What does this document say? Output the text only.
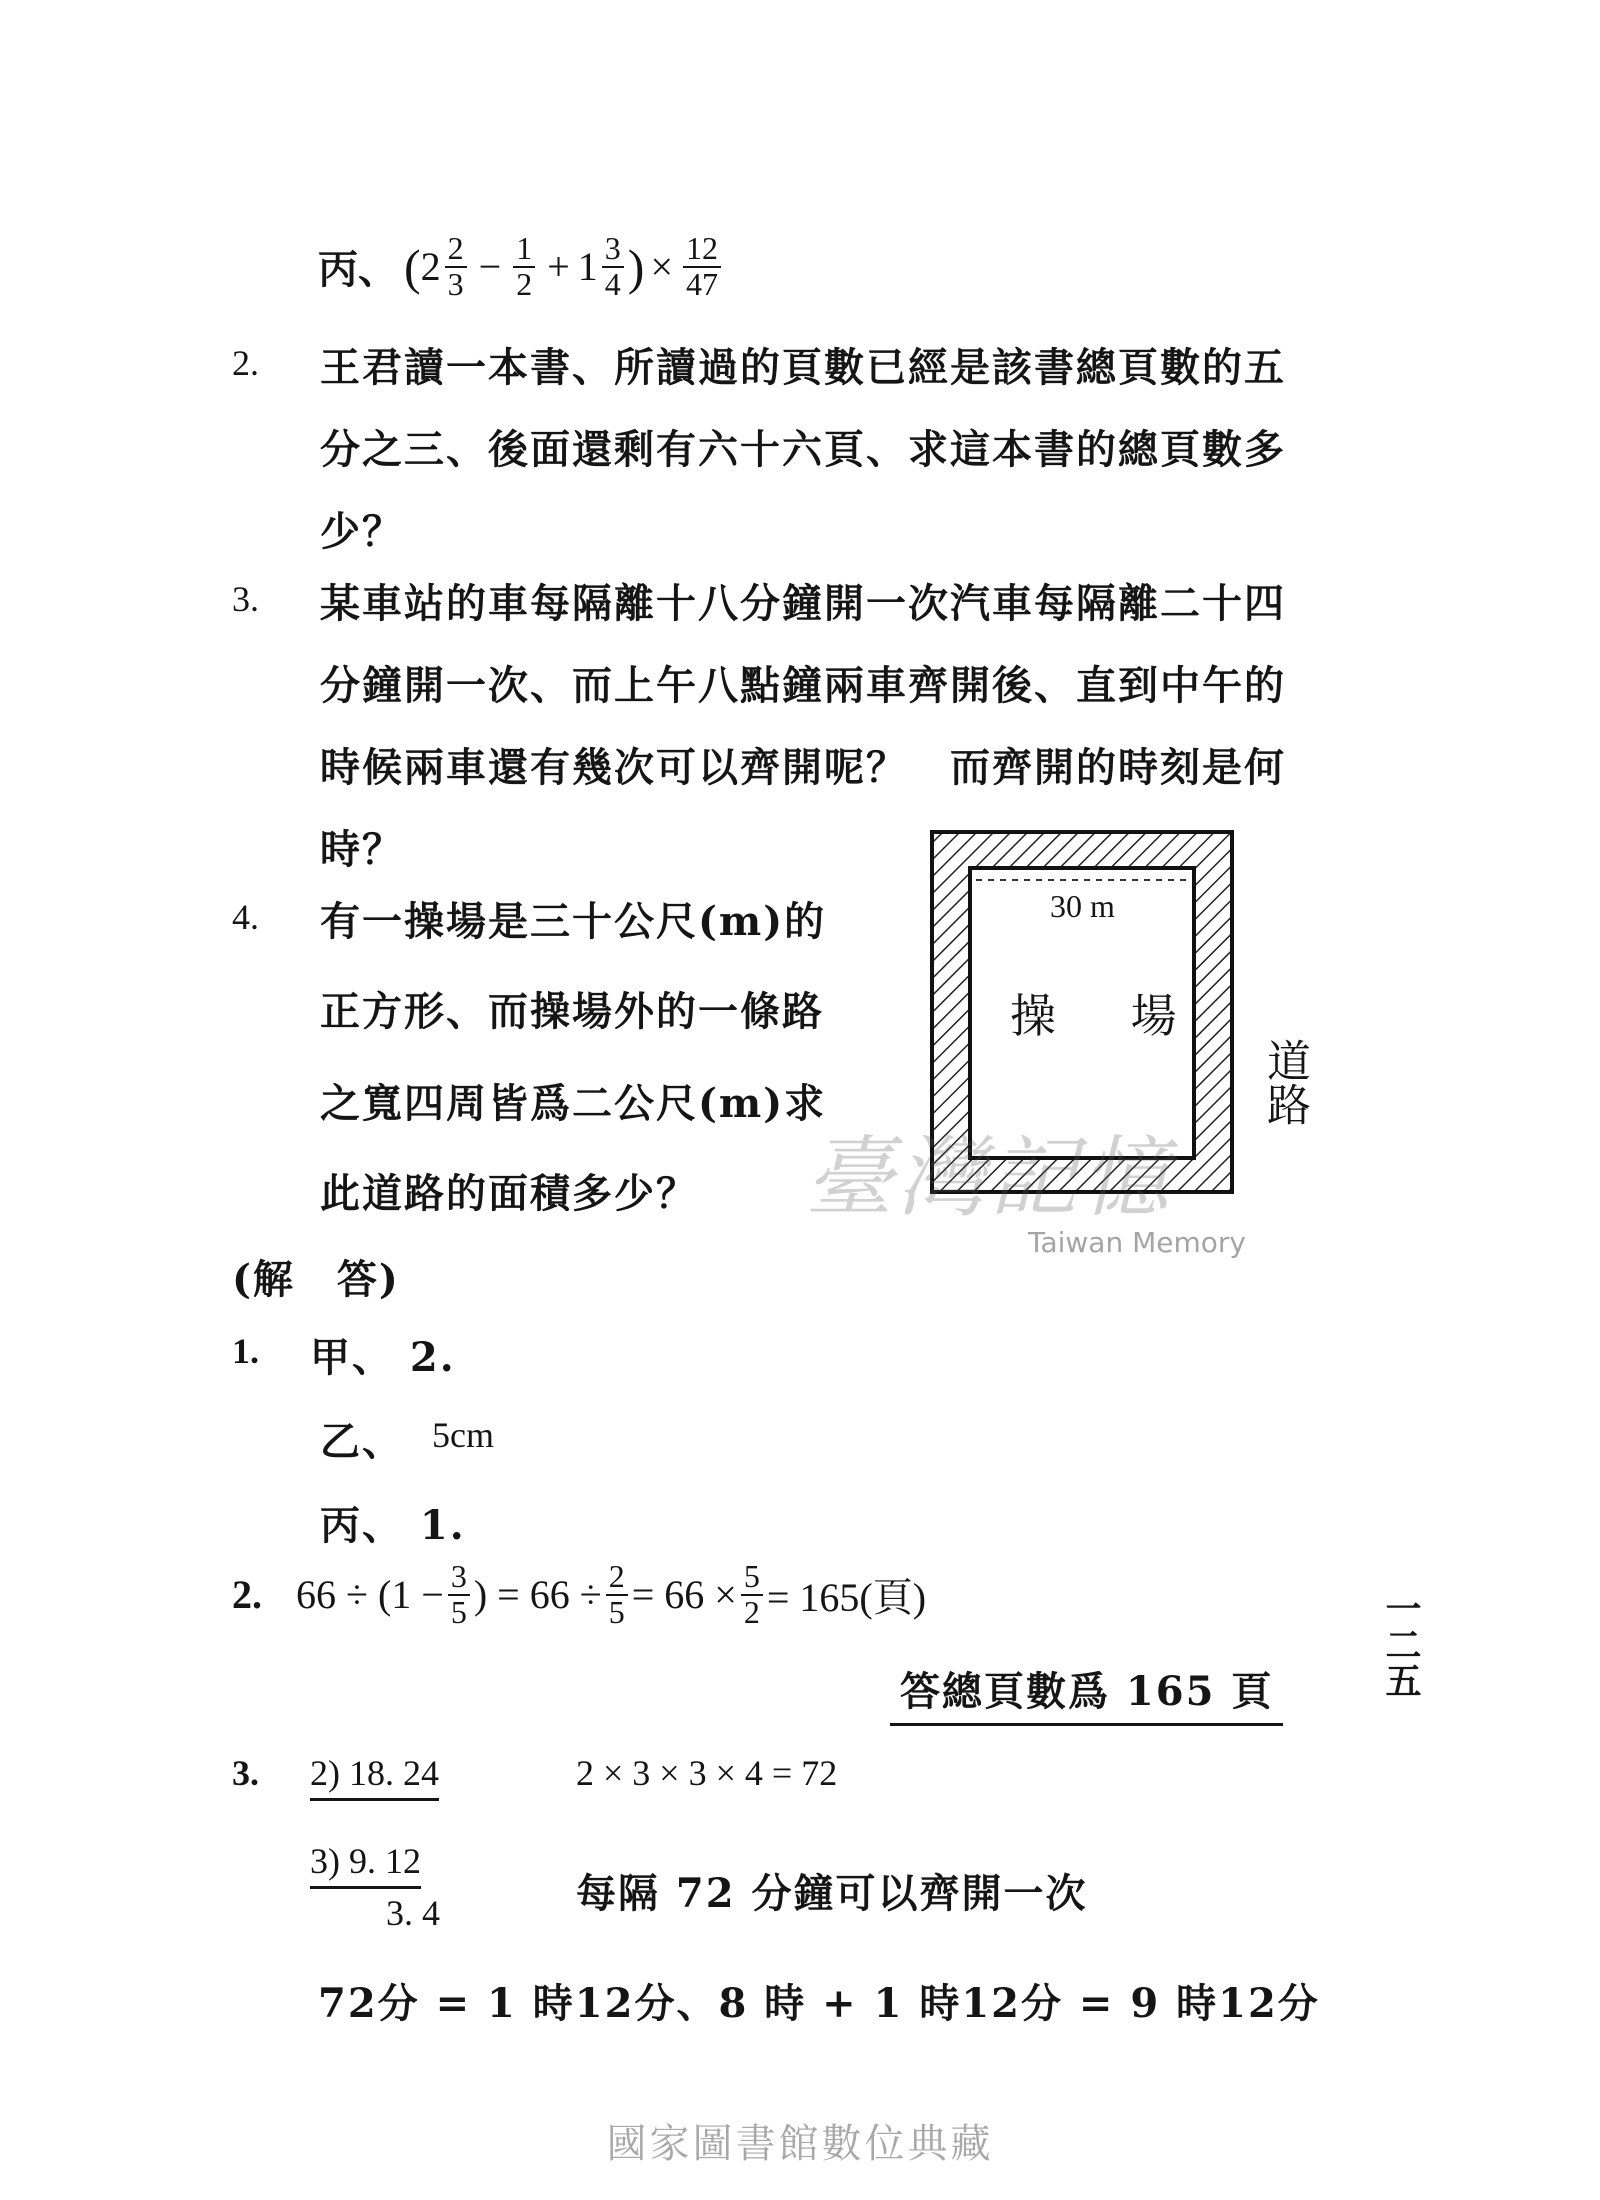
丙、 ( $2 \frac{2}{3} - \frac{1}{2} + 1 \frac{3}{4}$ ) × $\frac{12}{47}$
2. 王君讀一本書、所讀過的頁數已經是該書總頁數的五
分之三、後面還剩有六十六頁、求這本書的總頁數多
少？
3. 某車站的車每隔離十八分鐘開一次汽車每隔離二十四
分鐘開一次、而上午八點鐘兩車齊開後、直到中午的
時候兩車還有幾次可以齊開呢？　而齊開的時刻是何
時？
4. 有一操場是三十公尺(m)的
正方形、而操場外的一條路
之寬四周皆爲二公尺(m)求
此道路的面積多少？
30 m
操 場
道路
臺灣記憶
Taiwan Memory
(解　答)
1. 甲、 2.
乙、 5cm
丙、 1.
2. $66 \div (1 - \frac{3}{5}$ ) = $66 \div \frac{2}{5} = 66 \times \frac{5}{2} = 165$(頁)
答總頁數爲 165 頁	一二五
3. 2) 18. 24	2 × 3 × 3 × 4 = 72
3) 9. 12
3. 4	每隔 72 分鐘可以齊開一次
72分 = 1 時12分、8 時 + 1 時12分 = 9 時12分
國家圖書館數位典藏
